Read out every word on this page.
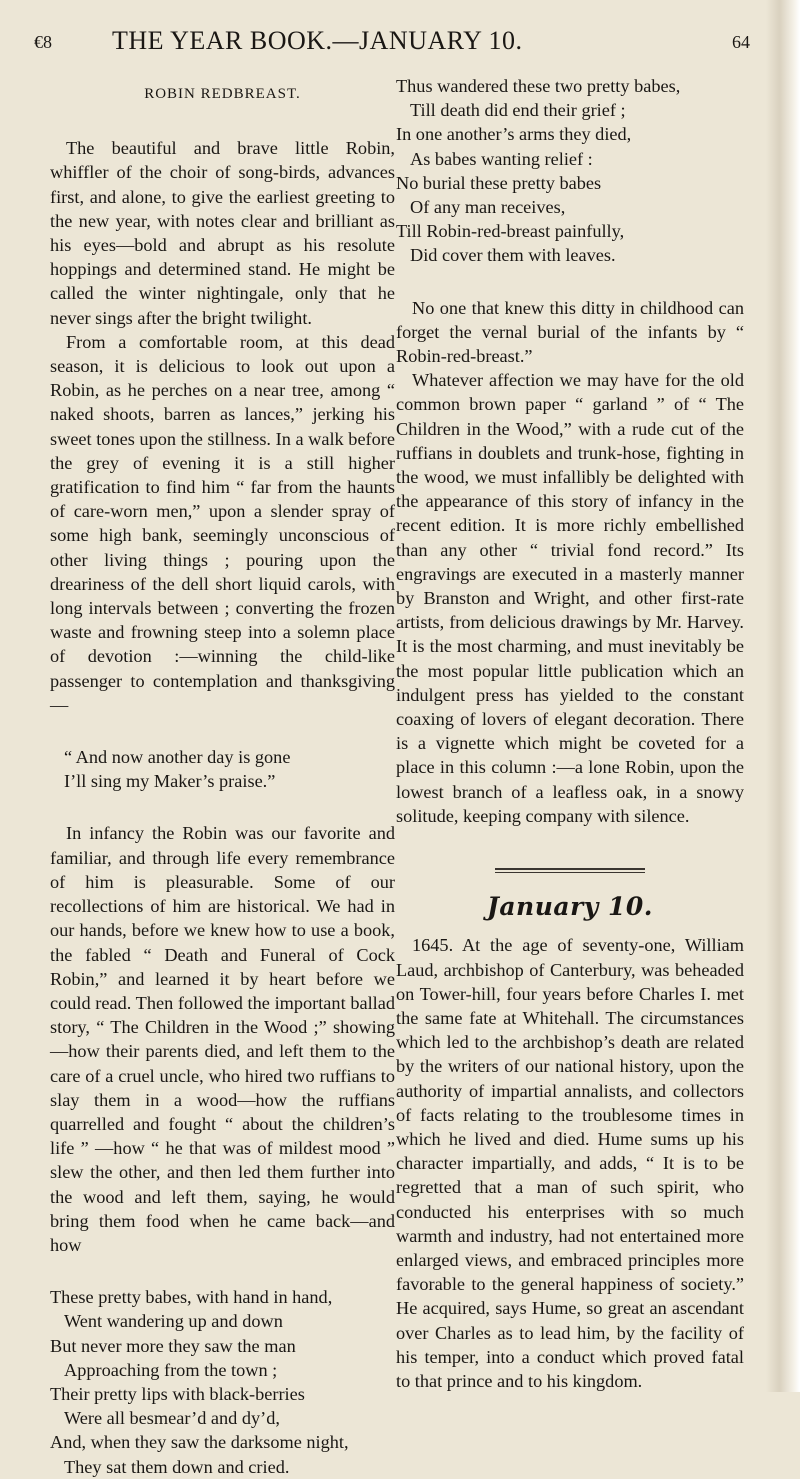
€8 THE YEAR BOOK.—JANUARY 10.	64
ROBIN REDBREAST.

The beautiful and brave little Robin, whiffler of the choir of song-birds, advances first, and alone, to give the earliest greeting to the new year, with notes clear and brilliant as his eyes—bold and abrupt as his resolute hoppings and determined stand. He might be called the winter nightingale, only that he never sings after the bright twilight.

From a comfortable room, at this dead season, it is delicious to look out upon a Robin, as he perches on a near tree, among “ naked shoots, barren as lances,” jerking his sweet tones upon the stillness. In a walk before the grey of evening it is a still higher gratification to find him “ far from the haunts of care-worn men,” upon a slender spray of some high bank, seemingly unconscious of other living things ; pouring upon the dreariness of the dell short liquid carols, with long intervals between ; converting the frozen waste and frowning steep into a solemn place of devotion :—winning the child-like passenger to contemplation and thanksgiving—

“ And now another day is gone
I’ll sing my Maker’s praise.”

In infancy the Robin was our favorite and familiar, and through life every remembrance of him is pleasurable. Some of our recollections of him are historical. We had in our hands, before we knew how to use a book, the fabled “ Death and Funeral of Cock Robin,” and learned it by heart before we could read. Then followed the important ballad story, “ The Children in the Wood ;” showing—how their parents died, and left them to the care of a cruel uncle, who hired two ruffians to slay them in a wood—how the ruffians quarrelled and fought “ about the children’s life ” —how “ he that was of mildest mood ” slew the other, and then led them further into the wood and left them, saying, he would bring them food when he came back—and how

These pretty babes, with hand in hand,
Went wandering up and down
But never more they saw the man
Approaching from the town ;
Their pretty lips with black-berries
Were all besmear’d and dy’d,
And, when they saw the darksome night,
They sat them down and cried.
Thus wandered these two pretty babes,
Till death did end their grief ;
In one another’s arms they died,
As babes wanting relief :
No burial these pretty babes
Of any man receives,
Till Robin-red-breast painfully,
Did cover them with leaves.

No one that knew this ditty in childhood can forget the vernal burial of the infants by “ Robin-red-breast.”

Whatever affection we may have for the old common brown paper “ garland ” of “ The Children in the Wood,” with a rude cut of the ruffians in doublets and trunk-hose, fighting in the wood, we must infallibly be delighted with the appearance of this story of infancy in the recent edition. It is more richly embellished than any other “ trivial fond record.” Its engravings are executed in a masterly manner by Branston and Wright, and other first-rate artists, from delicious drawings by Mr. Harvey. It is the most charming, and must inevitably be the most popular little publication which an indulgent press has yielded to the constant coaxing of lovers of elegant decoration. There is a vignette which might be coveted for a place in this column :—a lone Robin, upon the lowest branch of a leafless oak, in a snowy solitude, keeping company with silence.

January 10.

1645. At the age of seventy-one, William Laud, archbishop of Canterbury, was beheaded on Tower-hill, four years before Charles I. met the same fate at Whitehall. The circumstances which led to the archbishop’s death are related by the writers of our national history, upon the authority of impartial annalists, and collectors of facts relating to the troublesome times in which he lived and died. Hume sums up his character impartially, and adds, “ It is to be regretted that a man of such spirit, who conducted his enterprises with so much warmth and industry, had not entertained more enlarged views, and embraced principles more favorable to the general happiness of society.” He acquired, says Hume, so great an ascendant over Charles as to lead him, by the facility of his temper, into a conduct which proved fatal to that prince and to his kingdom.
